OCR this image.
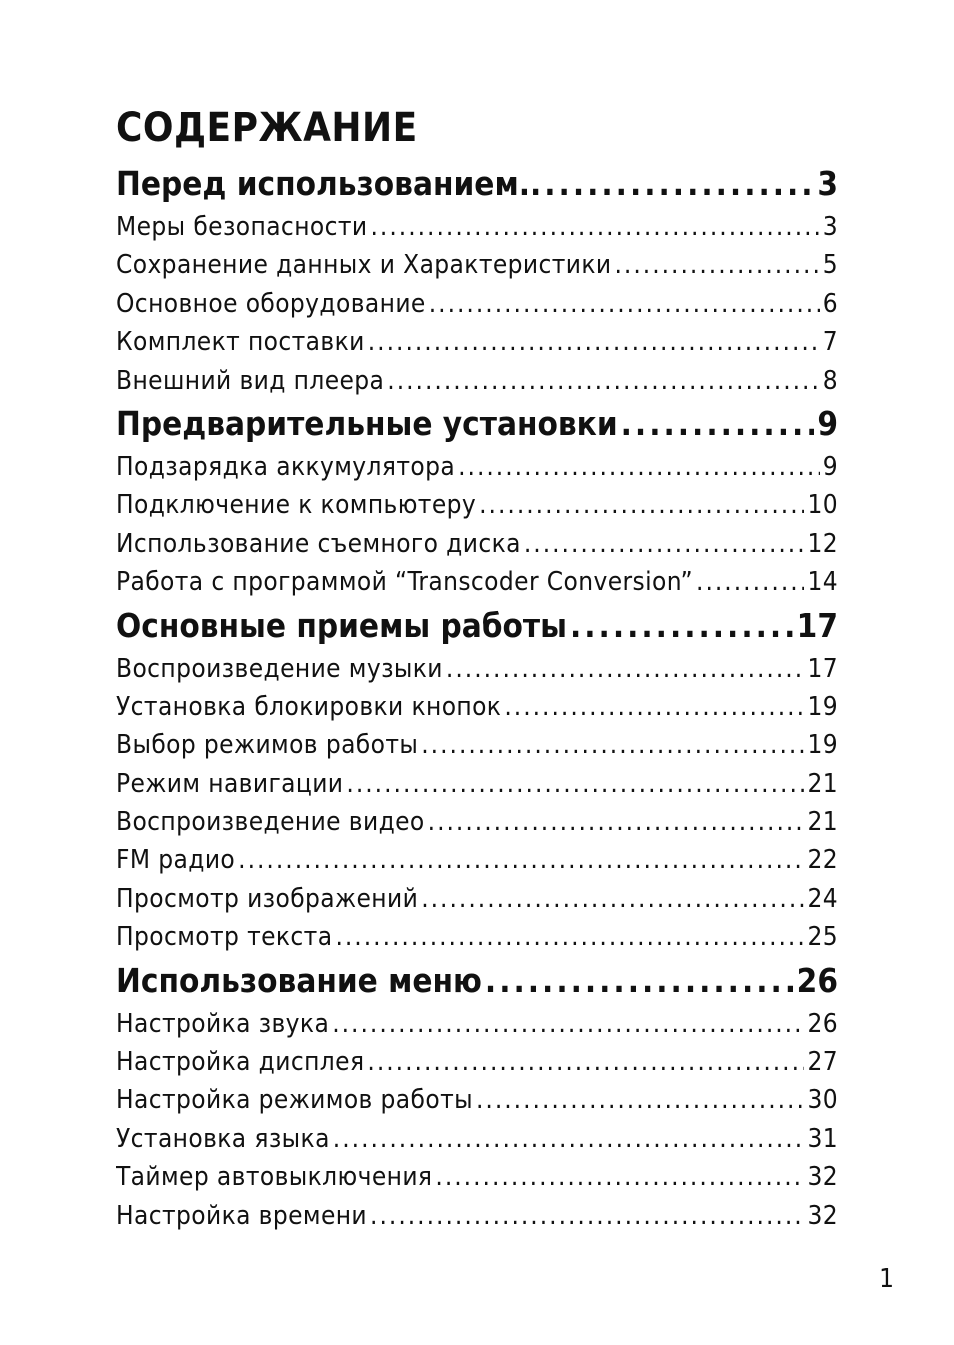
СОДЕРЖАНИЕ
Перед использованием.. .....	3
Меры безопасности .....	3
Сохранение данных и Характеристики .....	5
Основное оборудование .....	6
Комплект поставки .....	7
Внешний вид плеера .....	8
Предварительные установки .....	9
Подзарядка аккумулятора .....	9
Подключение к компьютеру .....	10
Использование съемного диска .....	12
Работа с программой “Transcoder Conversion” .....	14
Основные приемы работы .....	17
Воспроизведение музыки .....	17
Установка блокировки кнопок .....	19
Выбор режимов работы .....	19
Режим навигации .....	21
Воспроизведение видео .....	21
FM радио .....	22
Просмотр изображений .....	24
Просмотр текста .....	25
Использование меню .....	26
Настройка звука .....	26
Настройка дисплея .....	27
Настройка режимов работы .....	30
Установка языка .....	31
Таймер автовыключения .....	32
Настройка времени .....	32
1
